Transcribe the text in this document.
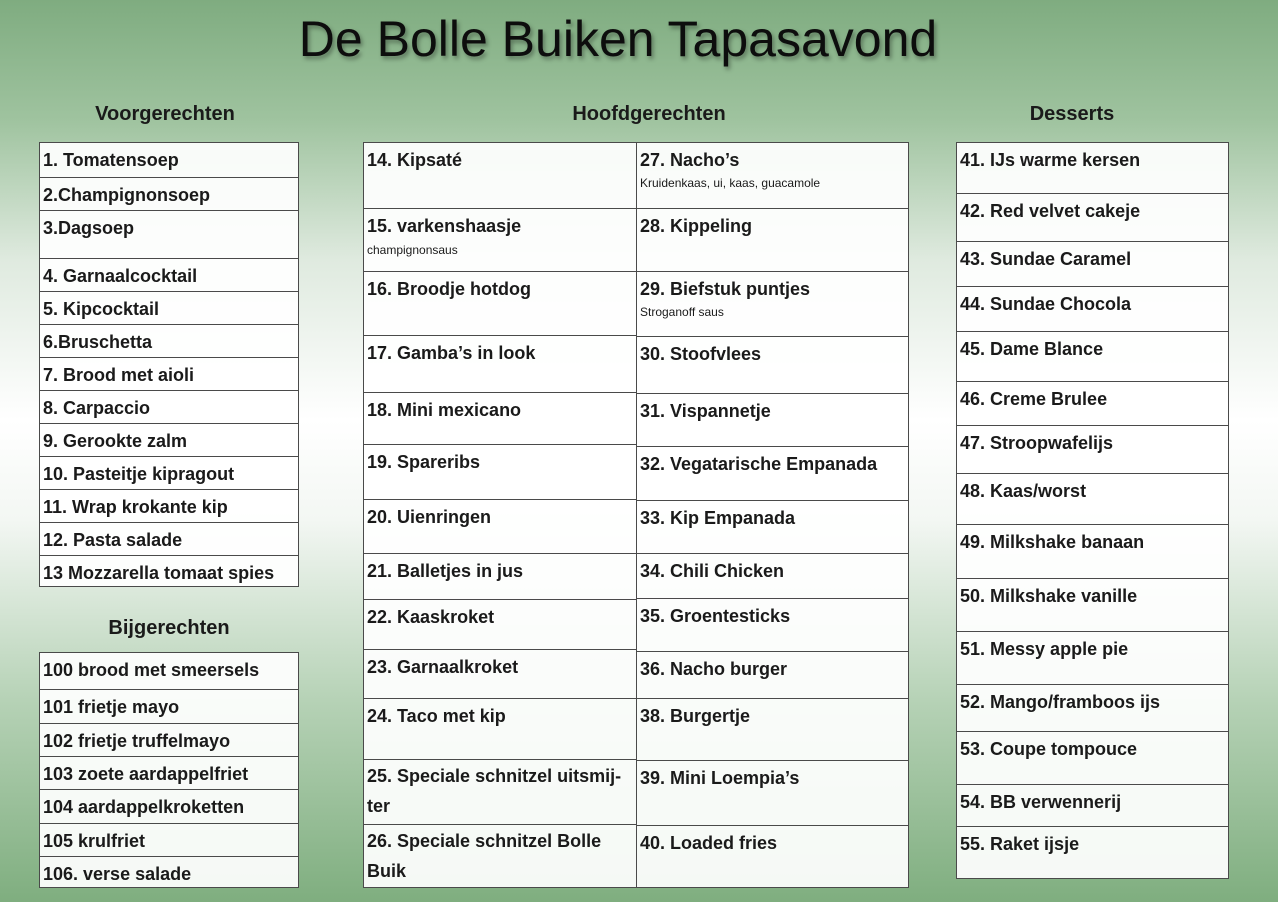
De Bolle Buiken Tapasavond
Voorgerechten
Bijgerechten
Hoofdgerechten	Desserts
1. Tomatensoep
2.Champignonsoep
3.Dagsoep
4. Garnaalcocktail
5. Kipcocktail
6.Bruschetta
7. Brood met aioli
8. Carpaccio
9. Gerookte zalm
10. Pasteitje kipragout
11. Wrap krokante kip
12. Pasta salade
13 Mozzarella tomaat spies
100 brood met smeersels
101 frietje mayo
102 frietje truffelmayo
103 zoete aardappelfriet
104 aardappelkroketten
105 krulfriet
106. verse salade
14. Kipsaté
15. varkenshaasje
champignonsaus
16. Broodje hotdog
17. Gamba’s in look
18. Mini mexicano
19. Spareribs
20. Uienringen
21. Balletjes in jus
22. Kaaskroket
23. Garnaalkroket
24. Taco met kip
25. Speciale schnitzel uitsmij-ter
26. Speciale schnitzel Bolle Buik
27. Nacho’s
Kruidenkaas, ui, kaas, guacamole
28. Kippeling
29. Biefstuk puntjes
Stroganoff saus
30. Stoofvlees
31. Vispannetje
32. Vegatarische Empanada
33. Kip Empanada
34. Chili Chicken
35. Groentesticks
36. Nacho burger
38. Burgertje
39. Mini Loempia’s
40. Loaded fries
41. IJs warme kersen
42. Red velvet cakeje
43. Sundae Caramel
44. Sundae Chocola
45. Dame Blance
46. Creme Brulee
47. Stroopwafelijs
48. Kaas/worst
49. Milkshake banaan
50. Milkshake vanille
51. Messy apple pie
52. Mango/framboos ijs
53. Coupe tompouce
54. BB verwennerij
55. Raket ijsje
